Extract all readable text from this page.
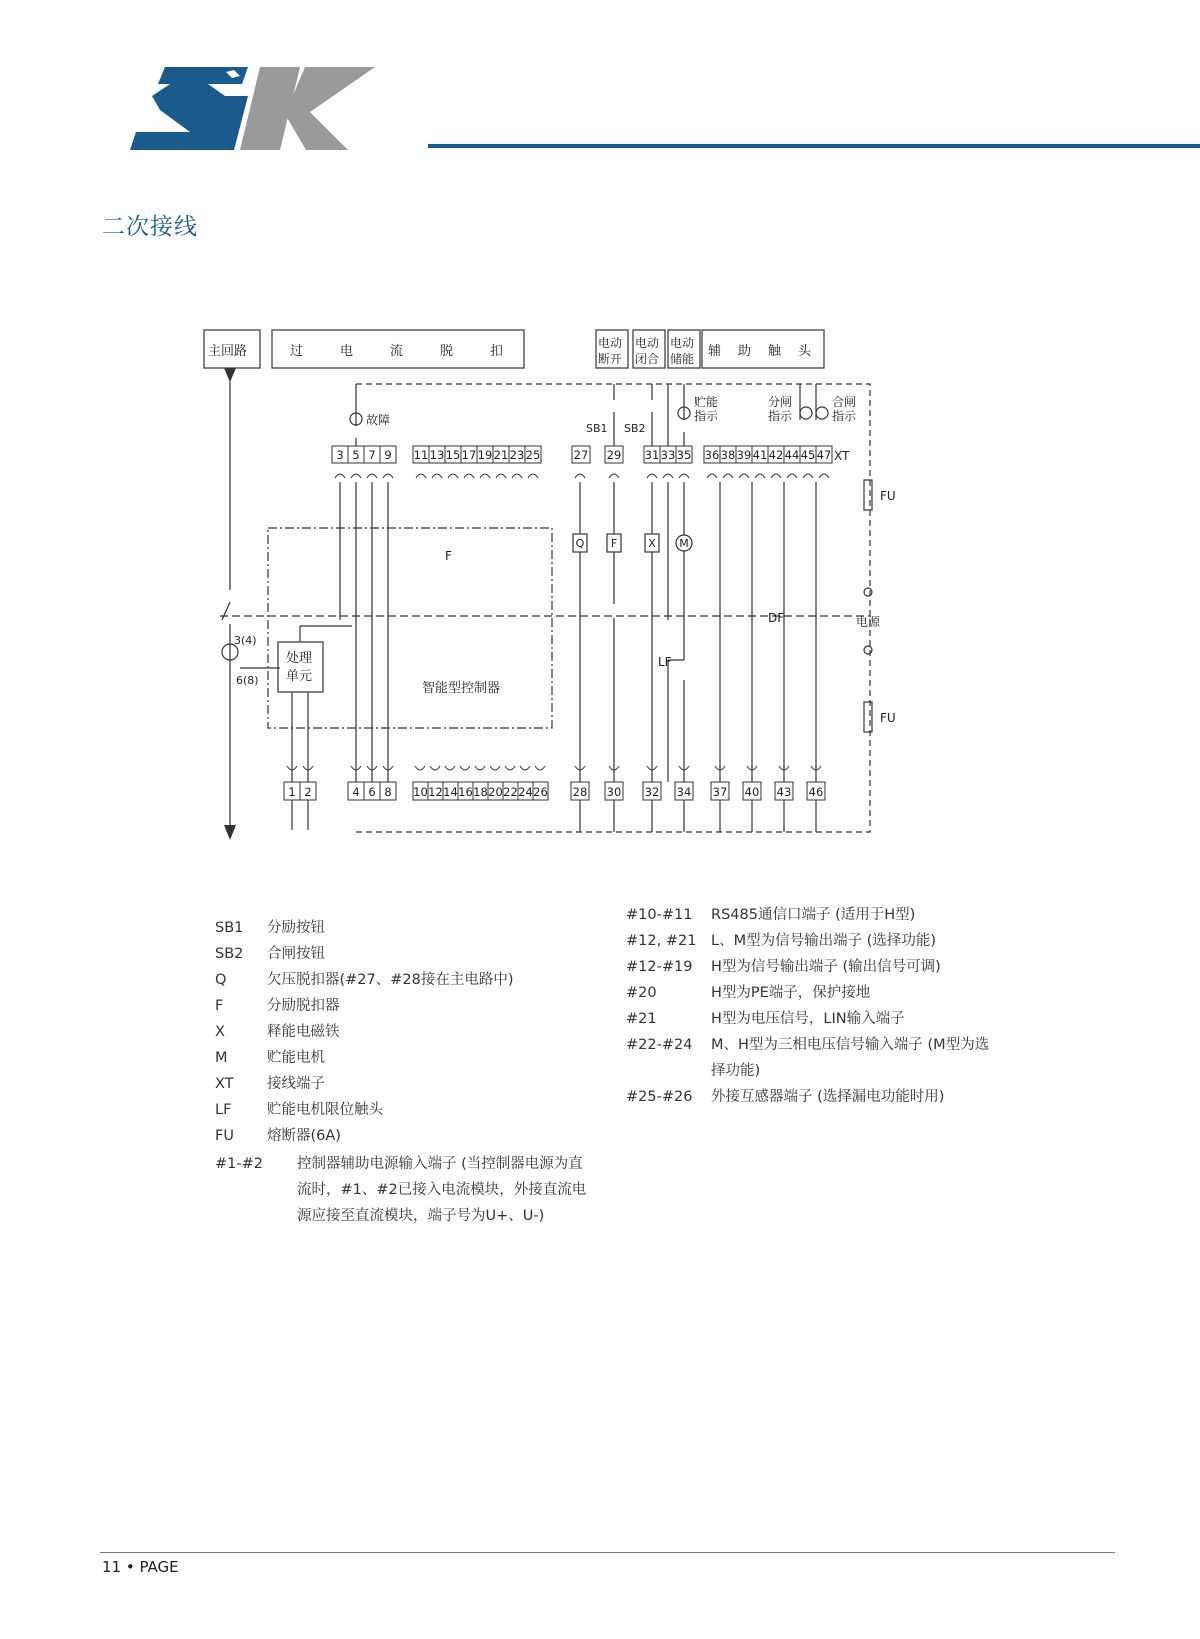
二次接线
主回路	过	电	流	脱	扣
电动
断开
电动
闭合
电动
储能 辅 助 触 头
故障
贮能
指示
分闸
指示
合闸
指示
SB1 SB2
XT
FU
FU
电源
F
智能型控制器
处理
单元
DF
LF
3(4)
6(8)
Q F	X M
3 5 7 9 11 13 15 17 19 21 23 25	27 29 31 33 35 36 38 39 41 42 44 45 47
1 2	4 6 8 10 12 14 16 18 20 22 24 26 28 30 32 34 37 40 43 46
SB1	分励按钮
SB2	合闸按钮
Q	欠压脱扣器(#27、#28接在主电路中)
F	分励脱扣器
X	释能电磁铁
M	贮能电机
XT	接线端子
LF	贮能电机限位触头
FU	熔断器(6A)
#1-#2	控制器辅助电源输入端子 (当控制器电源为直流时，#1、#2已接入电流模块，外接直流电源应接至直流模块，端子号为U+、U-)
#10-#11	RS485通信口端子 (适用于H型)
#12, #21	L、M型为信号输出端子 (选择功能)
#12-#19	H型为信号输出端子 (输出信号可调)
#20	H型为PE端子，保护接地
#21	H型为电压信号，LIN输入端子
#22-#24	M、H型为三相电压信号输入端子 (M型为选择功能)
#25-#26	外接互感器端子 (选择漏电功能时用)
11 • PAGE
